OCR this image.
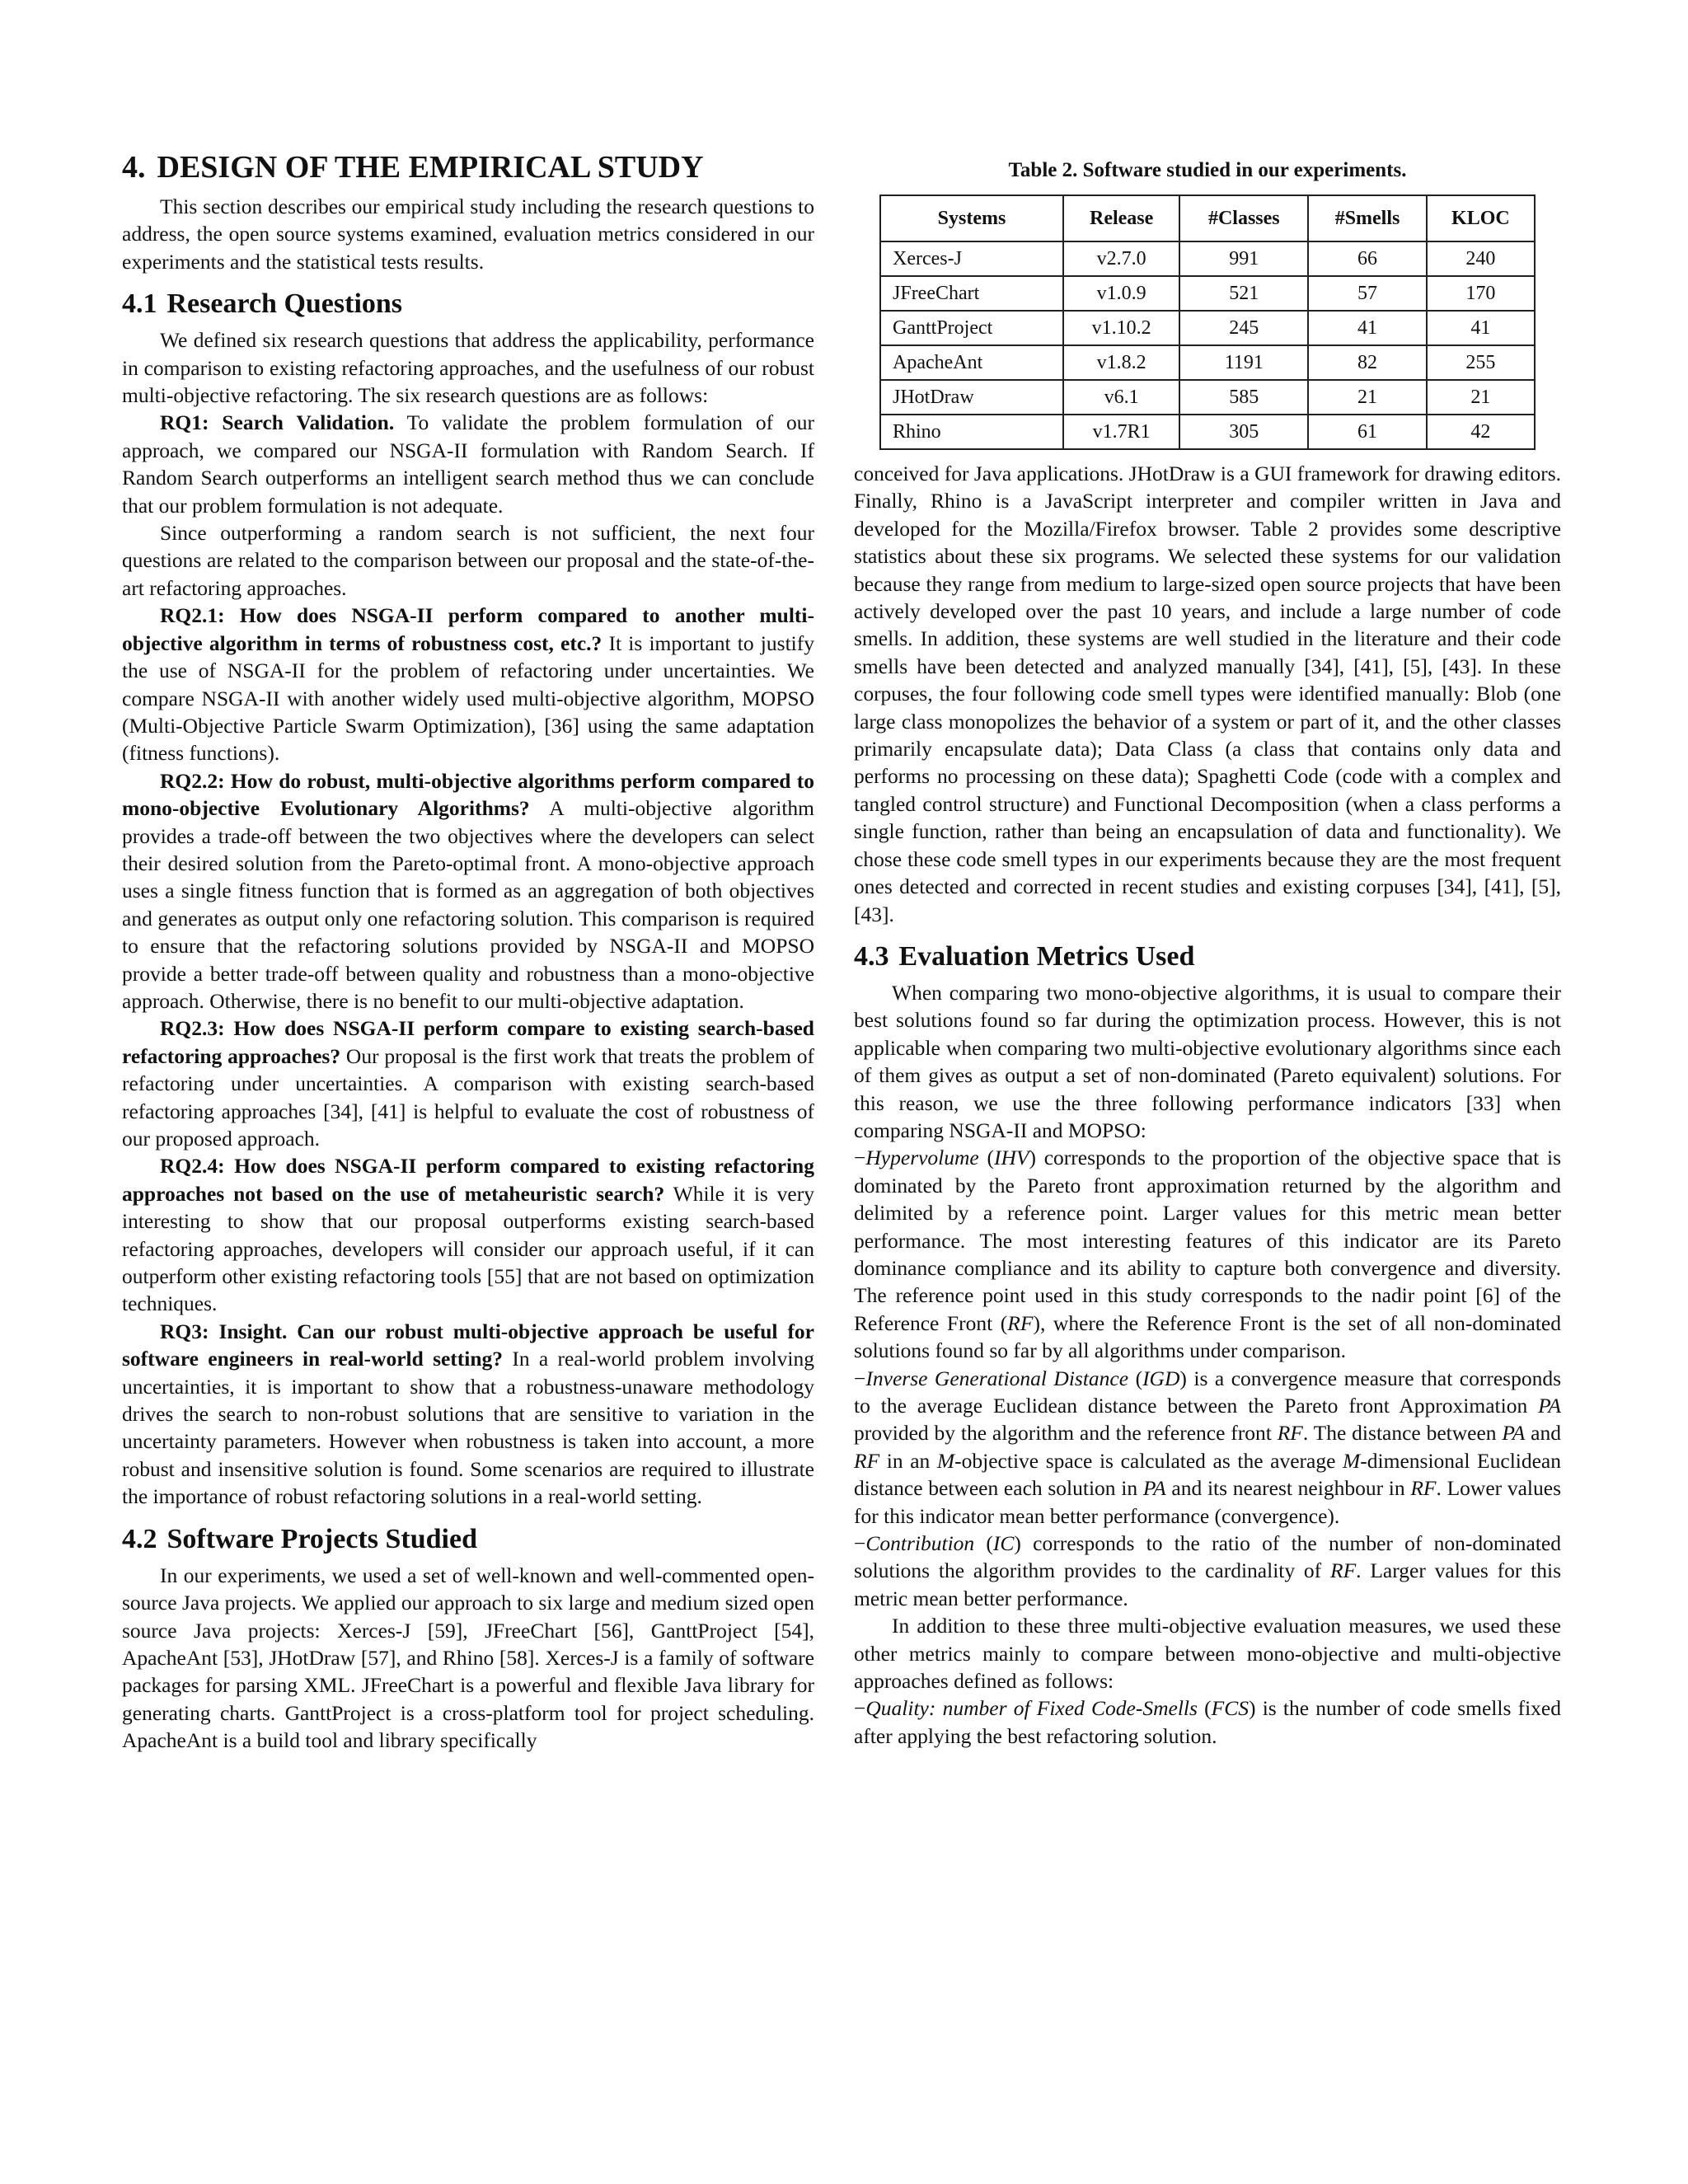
4. DESIGN OF THE EMPIRICAL STUDY

This section describes our empirical study including the research questions to address, the open source systems examined, evaluation metrics considered in our experiments and the statistical tests results.

4.1 Research Questions

We defined six research questions that address the applicability, performance in comparison to existing refactoring approaches, and the usefulness of our robust multi-objective refactoring. The six research questions are as follows:

RQ1: Search Validation. To validate the problem formulation of our approach, we compared our NSGA-II formulation with Random Search. If Random Search outperforms an intelligent search method thus we can conclude that our problem formulation is not adequate.

Since outperforming a random search is not sufficient, the next four questions are related to the comparison between our proposal and the state-of-the-art refactoring approaches.

RQ2.1: How does NSGA-II perform compared to another multi-objective algorithm in terms of robustness cost, etc.? It is important to justify the use of NSGA-II for the problem of refactoring under uncertainties. We compare NSGA-II with another widely used multi-objective algorithm, MOPSO (Multi-Objective Particle Swarm Optimization), [36] using the same adaptation (fitness functions).

RQ2.2: How do robust, multi-objective algorithms perform compared to mono-objective Evolutionary Algorithms? A multi-objective algorithm provides a trade-off between the two objectives where the developers can select their desired solution from the Pareto-optimal front. A mono-objective approach uses a single fitness function that is formed as an aggregation of both objectives and generates as output only one refactoring solution. This comparison is required to ensure that the refactoring solutions provided by NSGA-II and MOPSO provide a better trade-off between quality and robustness than a mono-objective approach. Otherwise, there is no benefit to our multi-objective adaptation.

RQ2.3: How does NSGA-II perform compare to existing search-based refactoring approaches? Our proposal is the first work that treats the problem of refactoring under uncertainties. A comparison with existing search-based refactoring approaches [34], [41] is helpful to evaluate the cost of robustness of our proposed approach.

RQ2.4: How does NSGA-II perform compared to existing refactoring approaches not based on the use of metaheuristic search? While it is very interesting to show that our proposal outperforms existing search-based refactoring approaches, developers will consider our approach useful, if it can outperform other existing refactoring tools [55] that are not based on optimization techniques.

RQ3: Insight. Can our robust multi-objective approach be useful for software engineers in real-world setting? In a real-world problem involving uncertainties, it is important to show that a robustness-unaware methodology drives the search to non-robust solutions that are sensitive to variation in the uncertainty parameters. However when robustness is taken into account, a more robust and insensitive solution is found. Some scenarios are required to illustrate the importance of robust refactoring solutions in a real-world setting.

4.2 Software Projects Studied

In our experiments, we used a set of well-known and well-commented open-source Java projects. We applied our approach to six large and medium sized open source Java projects: Xerces-J [59], JFreeChart [56], GanttProject [54], ApacheAnt [53], JHotDraw [57], and Rhino [58]. Xerces-J is a family of software packages for parsing XML. JFreeChart is a powerful and flexible Java library for generating charts. GanttProject is a cross-platform tool for project scheduling. ApacheAnt is a build tool and library specifically

Table 2. Software studied in our experiments.
Systems	Release	#Classes	#Smells	KLOC
Xerces-J	v2.7.0	991	66	240
JFreeChart	v1.0.9	521	57	170
GanttProject	v1.10.2	245	41	41
ApacheAnt	v1.8.2	1191	82	255
JHotDraw	v6.1	585	21	21
Rhino	v1.7R1	305	61	42

conceived for Java applications. JHotDraw is a GUI framework for drawing editors. Finally, Rhino is a JavaScript interpreter and compiler written in Java and developed for the Mozilla/Firefox browser. Table 2 provides some descriptive statistics about these six programs. We selected these systems for our validation because they range from medium to large-sized open source projects that have been actively developed over the past 10 years, and include a large number of code smells. In addition, these systems are well studied in the literature and their code smells have been detected and analyzed manually [34], [41], [5], [43]. In these corpuses, the four following code smell types were identified manually: Blob (one large class monopolizes the behavior of a system or part of it, and the other classes primarily encapsulate data); Data Class (a class that contains only data and performs no processing on these data); Spaghetti Code (code with a complex and tangled control structure) and Functional Decomposition (when a class performs a single function, rather than being an encapsulation of data and functionality). We chose these code smell types in our experiments because they are the most frequent ones detected and corrected in recent studies and existing corpuses [34], [41], [5], [43].

4.3 Evaluation Metrics Used

When comparing two mono-objective algorithms, it is usual to compare their best solutions found so far during the optimization process. However, this is not applicable when comparing two multi-objective evolutionary algorithms since each of them gives as output a set of non-dominated (Pareto equivalent) solutions. For this reason, we use the three following performance indicators [33] when comparing NSGA-II and MOPSO:

−Hypervolume (IHV) corresponds to the proportion of the objective space that is dominated by the Pareto front approximation returned by the algorithm and delimited by a reference point. Larger values for this metric mean better performance. The most interesting features of this indicator are its Pareto dominance compliance and its ability to capture both convergence and diversity. The reference point used in this study corresponds to the nadir point [6] of the Reference Front (RF), where the Reference Front is the set of all non-dominated solutions found so far by all algorithms under comparison.

−Inverse Generational Distance (IGD) is a convergence measure that corresponds to the average Euclidean distance between the Pareto front Approximation PA provided by the algorithm and the reference front RF. The distance between PA and RF in an M-objective space is calculated as the average M-dimensional Euclidean distance between each solution in PA and its nearest neighbour in RF. Lower values for this indicator mean better performance (convergence).

−Contribution (IC) corresponds to the ratio of the number of non-dominated solutions the algorithm provides to the cardinality of RF. Larger values for this metric mean better performance.

In addition to these three multi-objective evaluation measures, we used these other metrics mainly to compare between mono-objective and multi-objective approaches defined as follows:

−Quality: number of Fixed Code-Smells (FCS) is the number of code smells fixed after applying the best refactoring solution.
